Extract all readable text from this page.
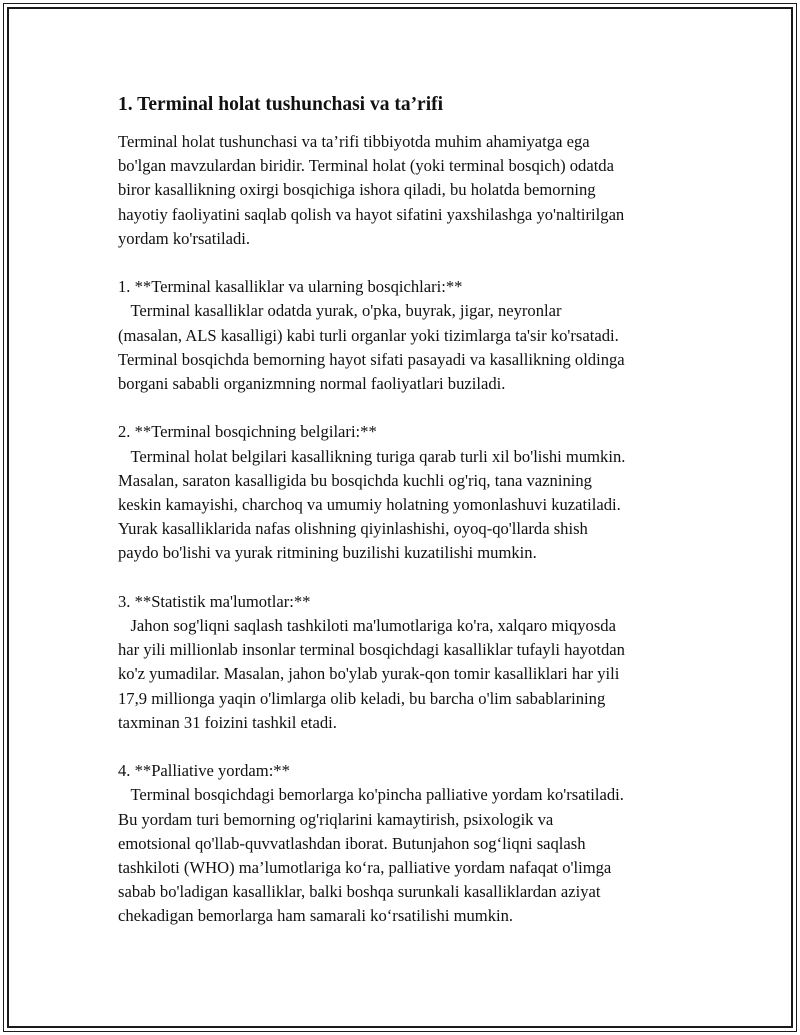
1. Terminal holat tushunchasi va ta’rifi

Terminal holat tushunchasi va ta’rifi tibbiyotda muhim ahamiyatga ega
bo'lgan mavzulardan biridir. Terminal holat (yoki terminal bosqich) odatda
biror kasallikning oxirgi bosqichiga ishora qiladi, bu holatda bemorning
hayotiy faoliyatini saqlab qolish va hayot sifatini yaxshilashga yo'naltirilgan
yordam ko'rsatiladi.

1. **Terminal kasalliklar va ularning bosqichlari:**

Terminal kasalliklar odatda yurak, o'pka, buyrak, jigar, neyronlar
(masalan, ALS kasalligi) kabi turli organlar yoki tizimlarga ta'sir ko'rsatadi.
Terminal bosqichda bemorning hayot sifati pasayadi va kasallikning oldinga
borgani sababli organizmning normal faoliyatlari buziladi.

2. **Terminal bosqichning belgilari:**

Terminal holat belgilari kasallikning turiga qarab turli xil bo'lishi mumkin.
Masalan, saraton kasalligida bu bosqichda kuchli og'riq, tana vaznining
keskin kamayishi, charchoq va umumiy holatning yomonlashuvi kuzatiladi.
Yurak kasalliklarida nafas olishning qiyinlashishi, oyoq-qo'llarda shish
paydo bo'lishi va yurak ritmining buzilishi kuzatilishi mumkin.

3. **Statistik ma'lumotlar:**

Jahon sog'liqni saqlash tashkiloti ma'lumotlariga ko'ra, xalqaro miqyosda
har yili millionlab insonlar terminal bosqichdagi kasalliklar tufayli hayotdan
ko'z yumadilar. Masalan, jahon bo'ylab yurak-qon tomir kasalliklari har yili
17,9 millionga yaqin o'limlarga olib keladi, bu barcha o'lim sabablarining
taxminan 31 foizini tashkil etadi.

4. **Palliative yordam:**

Terminal bosqichdagi bemorlarga ko'pincha palliative yordam ko'rsatiladi.
Bu yordam turi bemorning og'riqlarini kamaytirish, psixologik va
emotsional qo'llab-quvvatlashdan iborat. Butunjahon sog‘liqni saqlash
tashkiloti (WHO) ma’lumotlariga ko‘ra, palliative yordam nafaqat o'limga
sabab bo'ladigan kasalliklar, balki boshqa surunkali kasalliklardan aziyat
chekadigan bemorlarga ham samarali ko‘rsatilishi mumkin.
